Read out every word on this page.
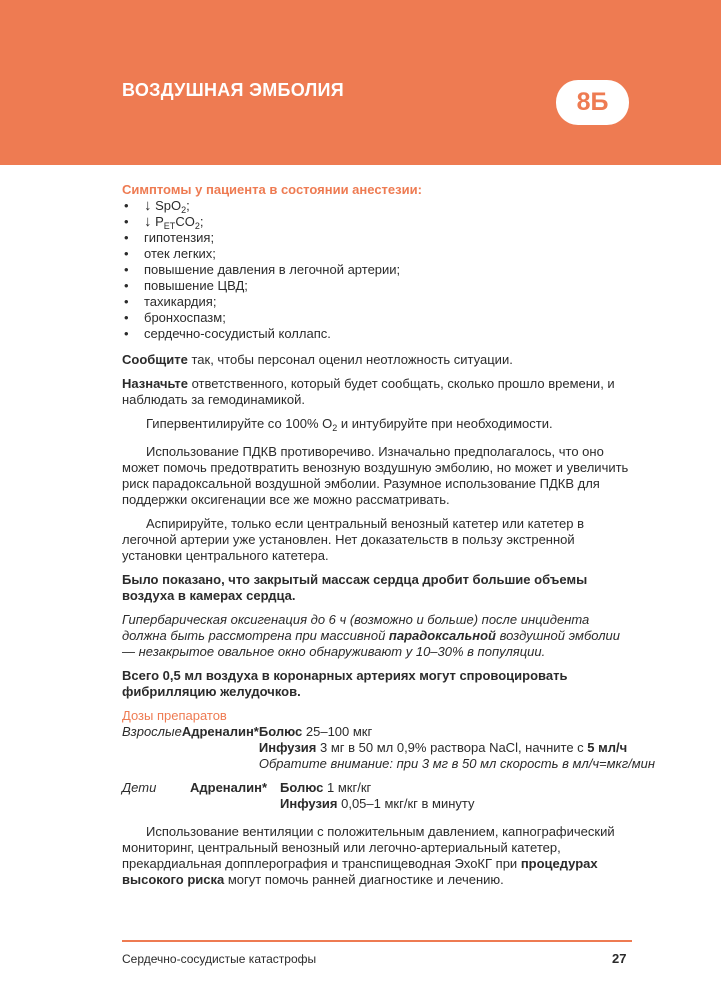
ВОЗДУШНАЯ ЭМБОЛИЯ	8Б
Симптомы у пациента в состоянии анестезии:
• ↓ SpO$_2$;
• ↓ $P_{ET}CO_2$;
• гипотензия;
• отек легких;
• повышение давления в легочной артерии;
• повышение ЦВД;
• тахикардия;
• бронхоспазм;
• сердечно-сосудистый коллапс.

Сообщите так, чтобы персонал оценил неотложность ситуации.

Назначьте ответственного, который будет сообщать, сколько прошло времени, и наблюдать за гемодинамикой.

Гипервентилируйте со 100% $O_2$ и интубируйте при необходимости.

Использование ПДКВ противоречиво. Изначально предполагалось, что оно может помочь предотвратить венозную воздушную эмболию, но может и увеличить риск парадоксальной воздушной эмболии. Разумное использование ПДКВ для поддержки оксигенации все же можно рассматривать.

Аспирируйте, только если центральный венозный катетер или катетер в легочной артерии уже установлен. Нет доказательств в пользу экстренной установки центрального катетера.

Было показано, что закрытый массаж сердца дробит большие объемы воздуха в камерах сердца.

Гипербарическая оксигенация до 6 ч (возможно и больше) после инцидента должна быть рассмотрена при массивной парадоксальной воздушной эмболии — незакрытое овальное окно обнаруживают у 10–30% в популяции.

Всего 0,5 мл воздуха в коронарных артериях могут спровоцировать фибрилляцию желудочков.

Дозы препаратов
Взрослые Адреналин* Болюс 25–100 мкг
Инфузия 3 мг в 50 мл 0,9% раствора NaCl, начните с 5 мл/ч
Обратите внимание: при 3 мг в 50 мл скорость в мл/ч=мкг/мин
Дети	Адреналин* Болюс 1 мкг/кг
Инфузия 0,05–1 мкг/кг в минуту

Использование вентиляции с положительным давлением, капнографический мониторинг, центральный венозный или легочно-артериальный катетер, прекардиальная допплерография и транспищеводная ЭхоКГ при процедурах высокого риска могут помочь ранней диагностике и лечению.

Сердечно-сосудистые катастрофы	27
